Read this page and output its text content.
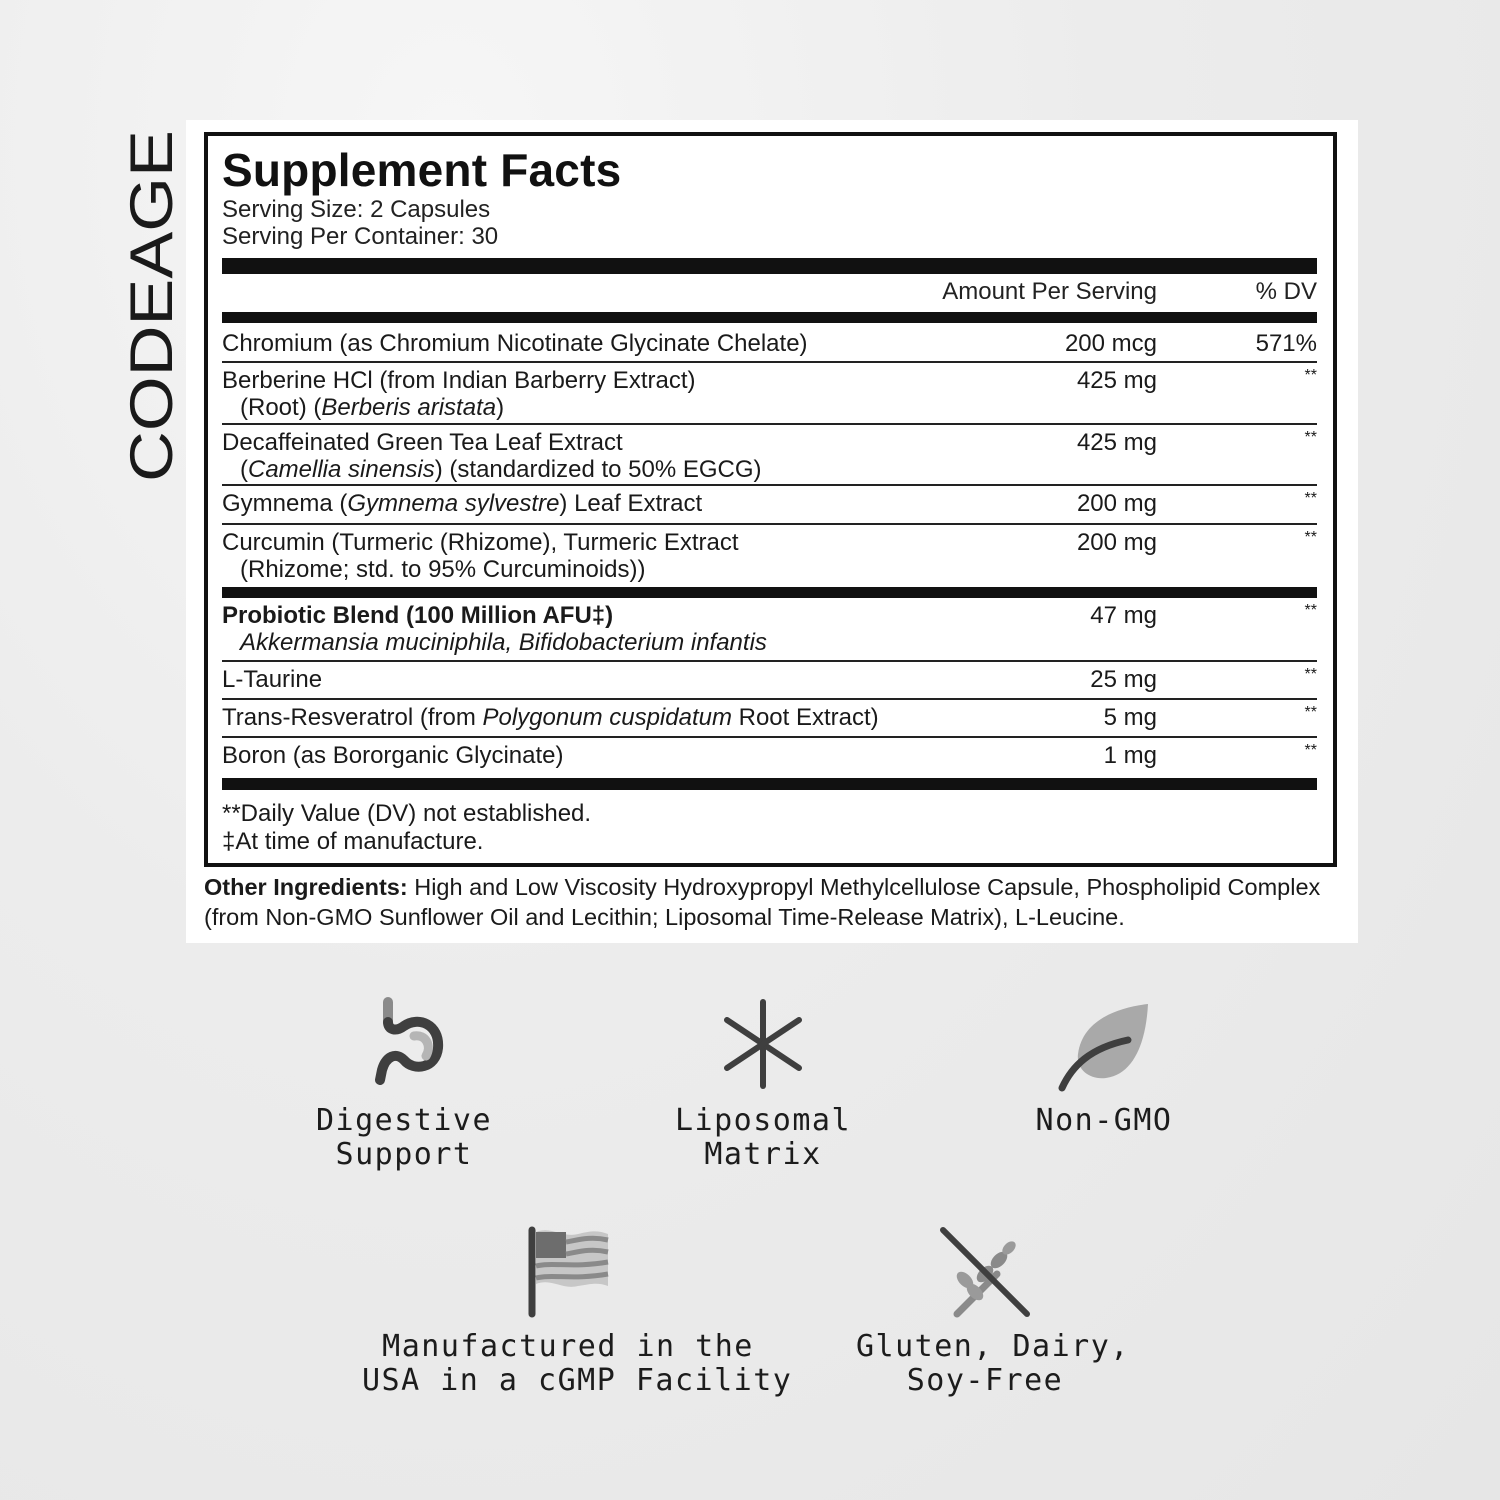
CODEAGE
Supplement Facts
Serving Size: 2 Capsules
Serving Per Container: 30
Amount Per Serving	% DV
Chromium (as Chromium Nicotinate Glycinate Chelate)	200 mcg	571%
Berberine HCl (from Indian Barberry Extract)
(Root) (Berberis aristata)
425 mg	**
Decaffeinated Green Tea Leaf Extract
(Camellia sinensis) (standardized to 50% EGCG)
425 mg	**
Gymnema (Gymnema sylvestre) Leaf Extract	200 mg	**
Curcumin (Turmeric (Rhizome), Turmeric Extract
(Rhizome; std. to 95% Curcuminoids))
200 mg	**
Probiotic Blend (100 Million AFU‡)
Akkermansia muciniphila, Bifidobacterium infantis
47 mg	**
L-Taurine	25 mg	**
Trans-Resveratrol (from Polygonum cuspidatum Root Extract)	5 mg	**
Boron (as Bororganic Glycinate)	1 mg	**
**Daily Value (DV) not established.
‡At time of manufacture.
Other Ingredients: High and Low Viscosity Hydroxypropyl Methylcellulose Capsule, Phospholipid Complex (from Non-GMO Sunflower Oil and Lecithin; Liposomal Time-Release Matrix), L-Leucine.
Digestive
Support
Liposomal
Matrix
Non-GMO
Manufactured in the
USA in a cGMP Facility
Gluten, Dairy,
Soy-Free
